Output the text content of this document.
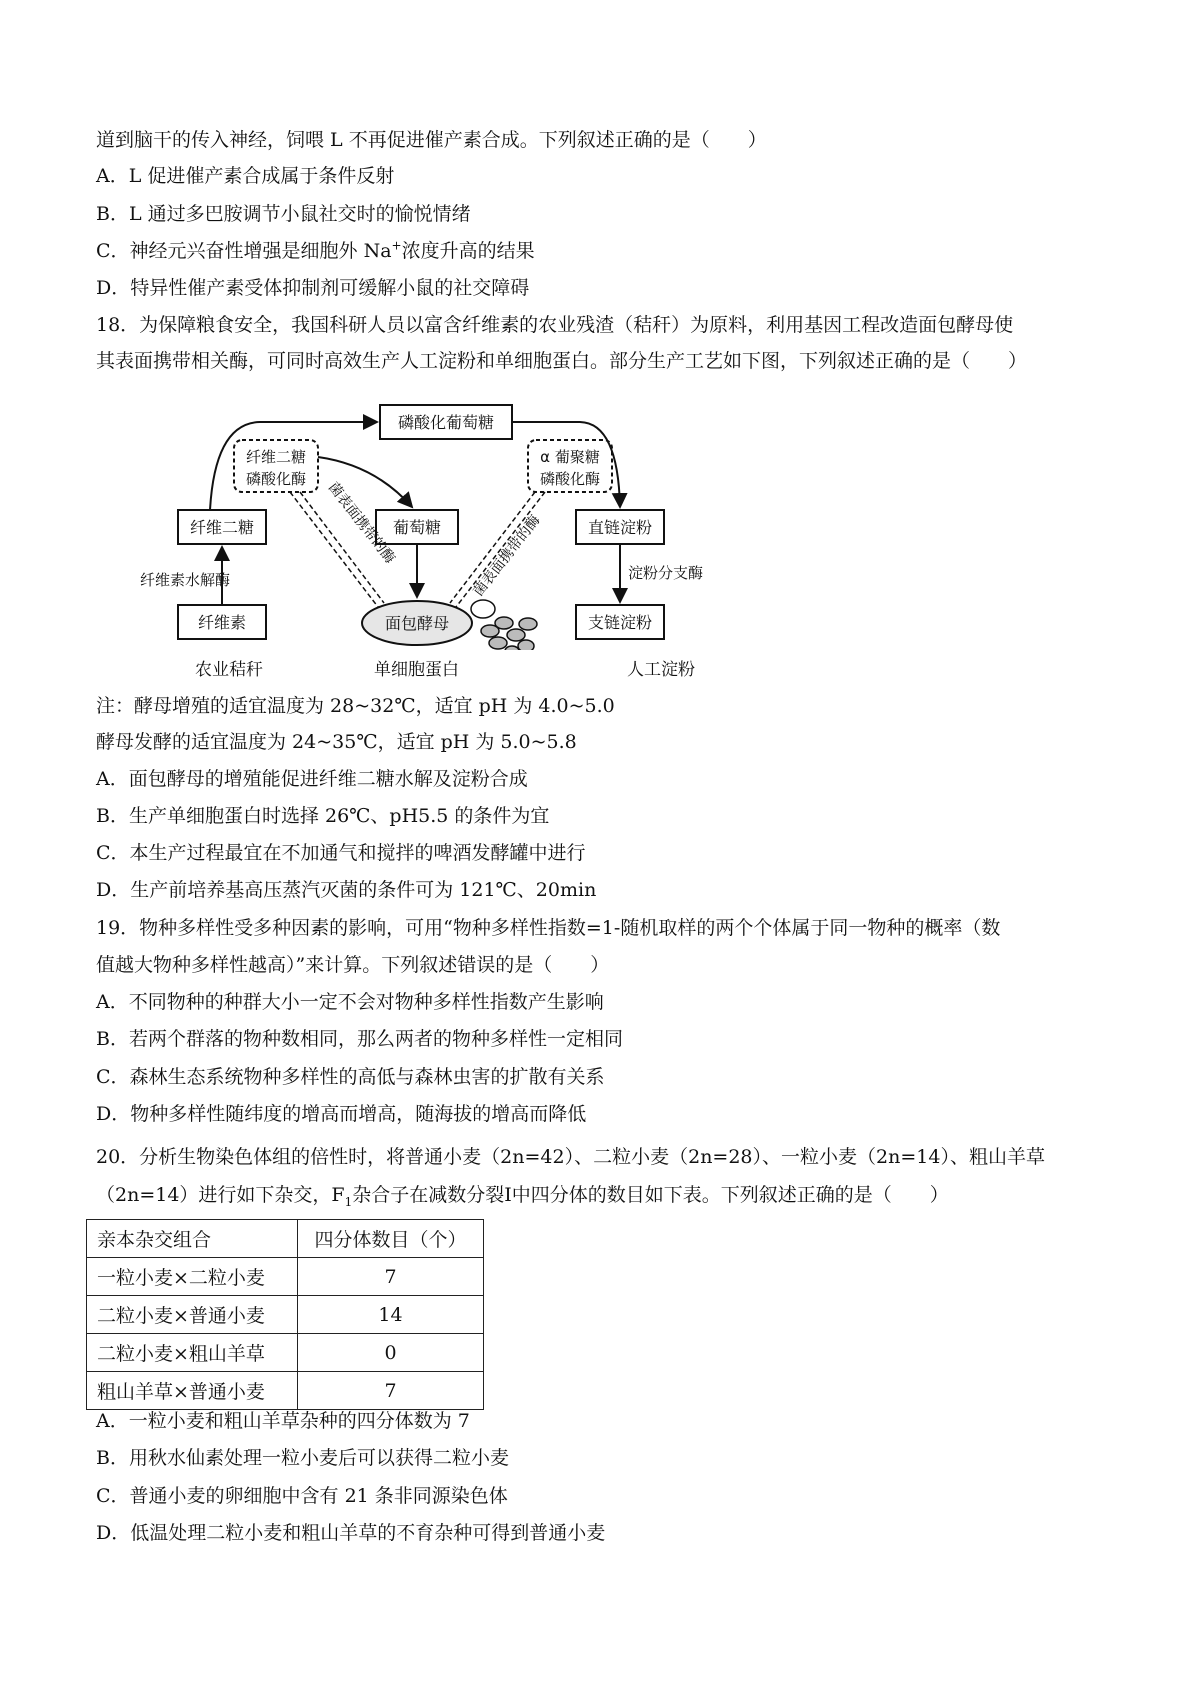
道到脑干的传入神经，饲喂 L 不再促进催产素合成。下列叙述正确的是（　　）
A．L 促进催产素合成属于条件反射
B．L 通过多巴胺调节小鼠社交时的愉悦情绪
C．神经元兴奋性增强是细胞外 Na+浓度升高的结果
D．特异性催产素受体抑制剂可缓解小鼠的社交障碍
18．为保障粮食安全，我国科研人员以富含纤维素的农业残渣（秸秆）为原料，利用基因工程改造面包酵母使
其表面携带相关酶，可同时高效生产人工淀粉和单细胞蛋白。部分生产工艺如下图，下列叙述正确的是（　　）
磷酸化葡萄糖
纤维二糖
磷酸化酶
α 葡聚糖
磷酸化酶
纤维二糖	葡萄糖	直链淀粉
纤维素水解酶	淀粉分支酶
纤维素	面包酵母	支链淀粉
菌表面携带的酶	菌表面携带的酶
农业秸秆	单细胞蛋白	人工淀粉
注：酵母增殖的适宜温度为 28~32℃，适宜 pH 为 4.0~5.0
酵母发酵的适宜温度为 24~35℃，适宜 pH 为 5.0~5.8
A．面包酵母的增殖能促进纤维二糖水解及淀粉合成
B．生产单细胞蛋白时选择 26℃、pH5.5 的条件为宜
C．本生产过程最宜在不加通气和搅拌的啤酒发酵罐中进行
D．生产前培养基高压蒸汽灭菌的条件可为 121℃、20min
19．物种多样性受多种因素的影响，可用“物种多样性指数=1-随机取样的两个个体属于同一物种的概率（数
值越大物种多样性越高）”来计算。下列叙述错误的是（　　）
A．不同物种的种群大小一定不会对物种多样性指数产生影响
B．若两个群落的物种数相同，那么两者的物种多样性一定相同
C．森林生态系统物种多样性的高低与森林虫害的扩散有关系
D．物种多样性随纬度的增高而增高，随海拔的增高而降低
20．分析生物染色体组的倍性时，将普通小麦（2n=42）、二粒小麦（2n=28）、一粒小麦（2n=14）、粗山羊草
（2n=14）进行如下杂交，$F_1$杂合子在减数分裂Ⅰ中四分体的数目如下表。下列叙述正确的是（　　）
亲本杂交组合	四分体数目（个）
一粒小麦×二粒小麦	7
二粒小麦×普通小麦	14
二粒小麦×粗山羊草	0
粗山羊草×普通小麦	7
A．一粒小麦和粗山羊草杂种的四分体数为 7
B．用秋水仙素处理一粒小麦后可以获得二粒小麦
C．普通小麦的卵细胞中含有 21 条非同源染色体
D．低温处理二粒小麦和粗山羊草的不育杂种可得到普通小麦
